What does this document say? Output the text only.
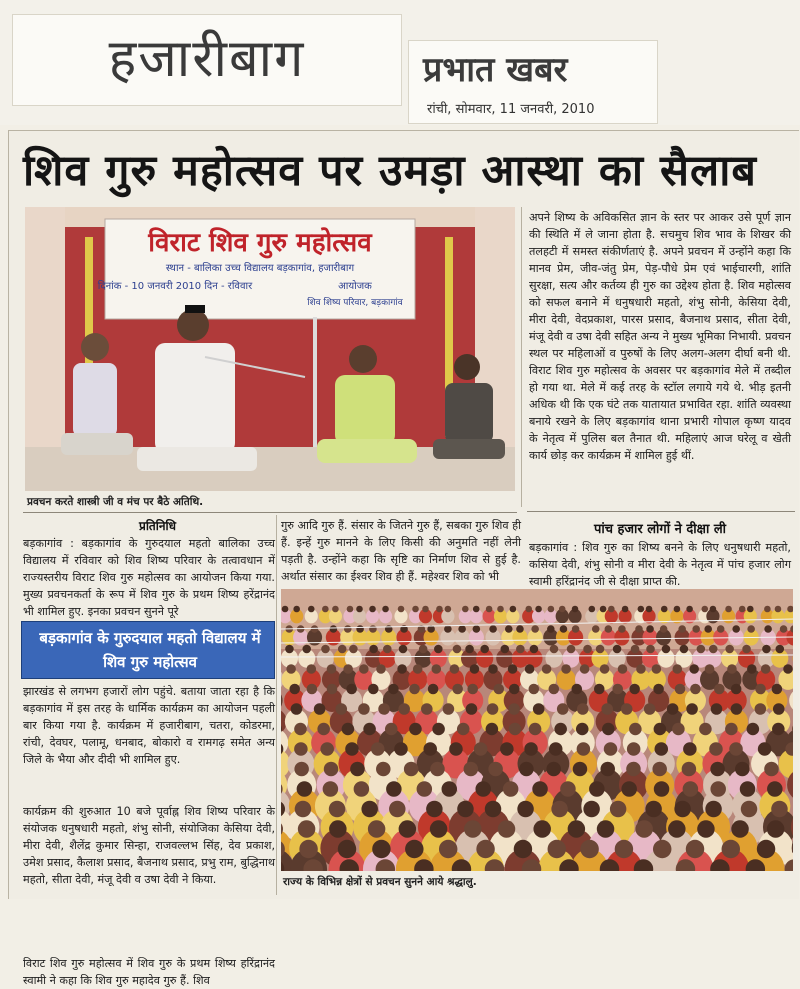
हजारीबाग	प्रभात खबर
रांची, सोमवार, 11 जनवरी, 2010
शिव गुरु महोत्सव पर उमड़ा आस्था का सैलाब
विराट शिव गुरु महोत्सव
स्थान - बालिका उच्च विद्यालय बड़कागांव, हजारीबाग
दिनांक - 10 जनवरी 2010 दिन - रविवार	आयोजक
शिव शिष्य परिवार, बड़कागांव
प्रवचन करते शास्त्री जी व मंच पर बैठे अतिथि.
अपने शिष्य के अविकसित ज्ञान के स्तर पर आकर उसे पूर्ण ज्ञान की स्थिति में ले जाना होता है. सचमुच शिव भाव के शिखर की तलहटी में समस्त संकीर्णताएं है. अपने प्रवचन में उन्होंने कहा कि मानव प्रेम, जीव-जंतु प्रेम, पेड़-पौधे प्रेम एवं भाईचारगी, शांति सुरक्षा, सत्य और कर्तव्य ही गुरु का उद्देश्य होता है. शिव महोत्सव को सफल बनाने में धनुषधारी महतो, शंभु सोनी, केसिया देवी, मीरा देवी, वेदप्रकाश, पारस प्रसाद, बैजनाथ प्रसाद, सीता देवी, मंजू देवी व उषा देवी सहित अन्य ने मुख्य भूमिका निभायी. प्रवचन स्थल पर महिलाओं व पुरुषों के लिए अलग-अलग दीर्घा बनी थी. विराट शिव गुरु महोत्सव के अवसर पर बड़कागांव मेले में तब्दील हो गया था. मेले में कई तरह के स्टॉल लगाये गये थे. भीड़ इतनी अधिक थी कि एक घंटे तक यातायात प्रभावित रहा. शांति व्यवस्था बनाये रखने के लिए बड़कागांव थाना प्रभारी गोपाल कृष्ण यादव के नेतृत्व में पुलिस बल तैनात थी. महिलाएं आज घरेलू व खेती कार्य छोड़ कर कार्यक्रम में शामिल हुई थीं.
पांच हजार लोगों ने दीक्षा ली
बड़कागांव : शिव गुरु का शिष्य बनने के लिए धनुषधारी महतो, कसिया देवी, शंभु सोनी व मीरा देवी के नेतृत्व में पांच हजार लोग स्वामी हरिंद्रानंद जी से दीक्षा प्राप्त की.
प्रतिनिधि
बड़कागांव : बड़कागांव के गुरुदयाल महतो बालिका उच्च विद्यालय में रविवार को शिव शिष्य परिवार के तत्वावधान में राज्यस्तरीय विराट शिव गुरु महोत्सव का आयोजन किया गया. मुख्य प्रवचनकर्ता के रूप में शिव गुरु के प्रथम शिष्य हरेंद्रानंद भी शामिल हुए. इनका प्रवचन सुनने पूरे
बड़कागांव के गुरुदयाल महतो विद्यालय में शिव गुरु महोत्सव
झारखंड से लगभग हजारों लोग पहुंचे. बताया जाता रहा है कि बड़कागांव में इस तरह के धार्मिक कार्यक्रम का आयोजन पहली बार किया गया है. कार्यक्रम में हजारीबाग, चतरा, कोडरमा, रांची, देवघर, पलामू, धनबाद, बोकारो व रामगढ़ समेत अन्य जिले के भैया और दीदी भी शामिल हुए.
कार्यक्रम की शुरुआत 10 बजे पूर्वाह्न शिव शिष्य परिवार के संयोजक धनुषधारी महतो, शंभु सोनी, संयोजिका केसिया देवी, मीरा देवी, शैलेंद्र कुमार सिन्हा, राजवल्लभ सिंह, देव प्रकाश, उमेश प्रसाद, कैलाश प्रसाद, बैजनाथ प्रसाद, प्रभु राम, बुद्धिनाथ महतो, सीता देवी, मंजू देवी व उषा देवी ने किया.
विराट शिव गुरु महोत्सव में शिव गुरु के प्रथम शिष्य हरिंद्रानंद स्वामी ने कहा कि शिव गुरु महादेव गुरु हैं. शिव
गुरु आदि गुरु हैं. संसार के जितने गुरु हैं, सबका गुरु शिव ही हैं. इन्हें गुरु मानने के लिए किसी की अनुमति नहीं लेनी पड़ती है. उन्होंने कहा कि सृष्टि का निर्माण शिव से हुई है. अर्थात संसार का ईश्वर शिव ही हैं. महेश्वर शिव को भी
राज्य के विभिन्न क्षेत्रों से प्रवचन सुनने आये श्रद्धालु.
